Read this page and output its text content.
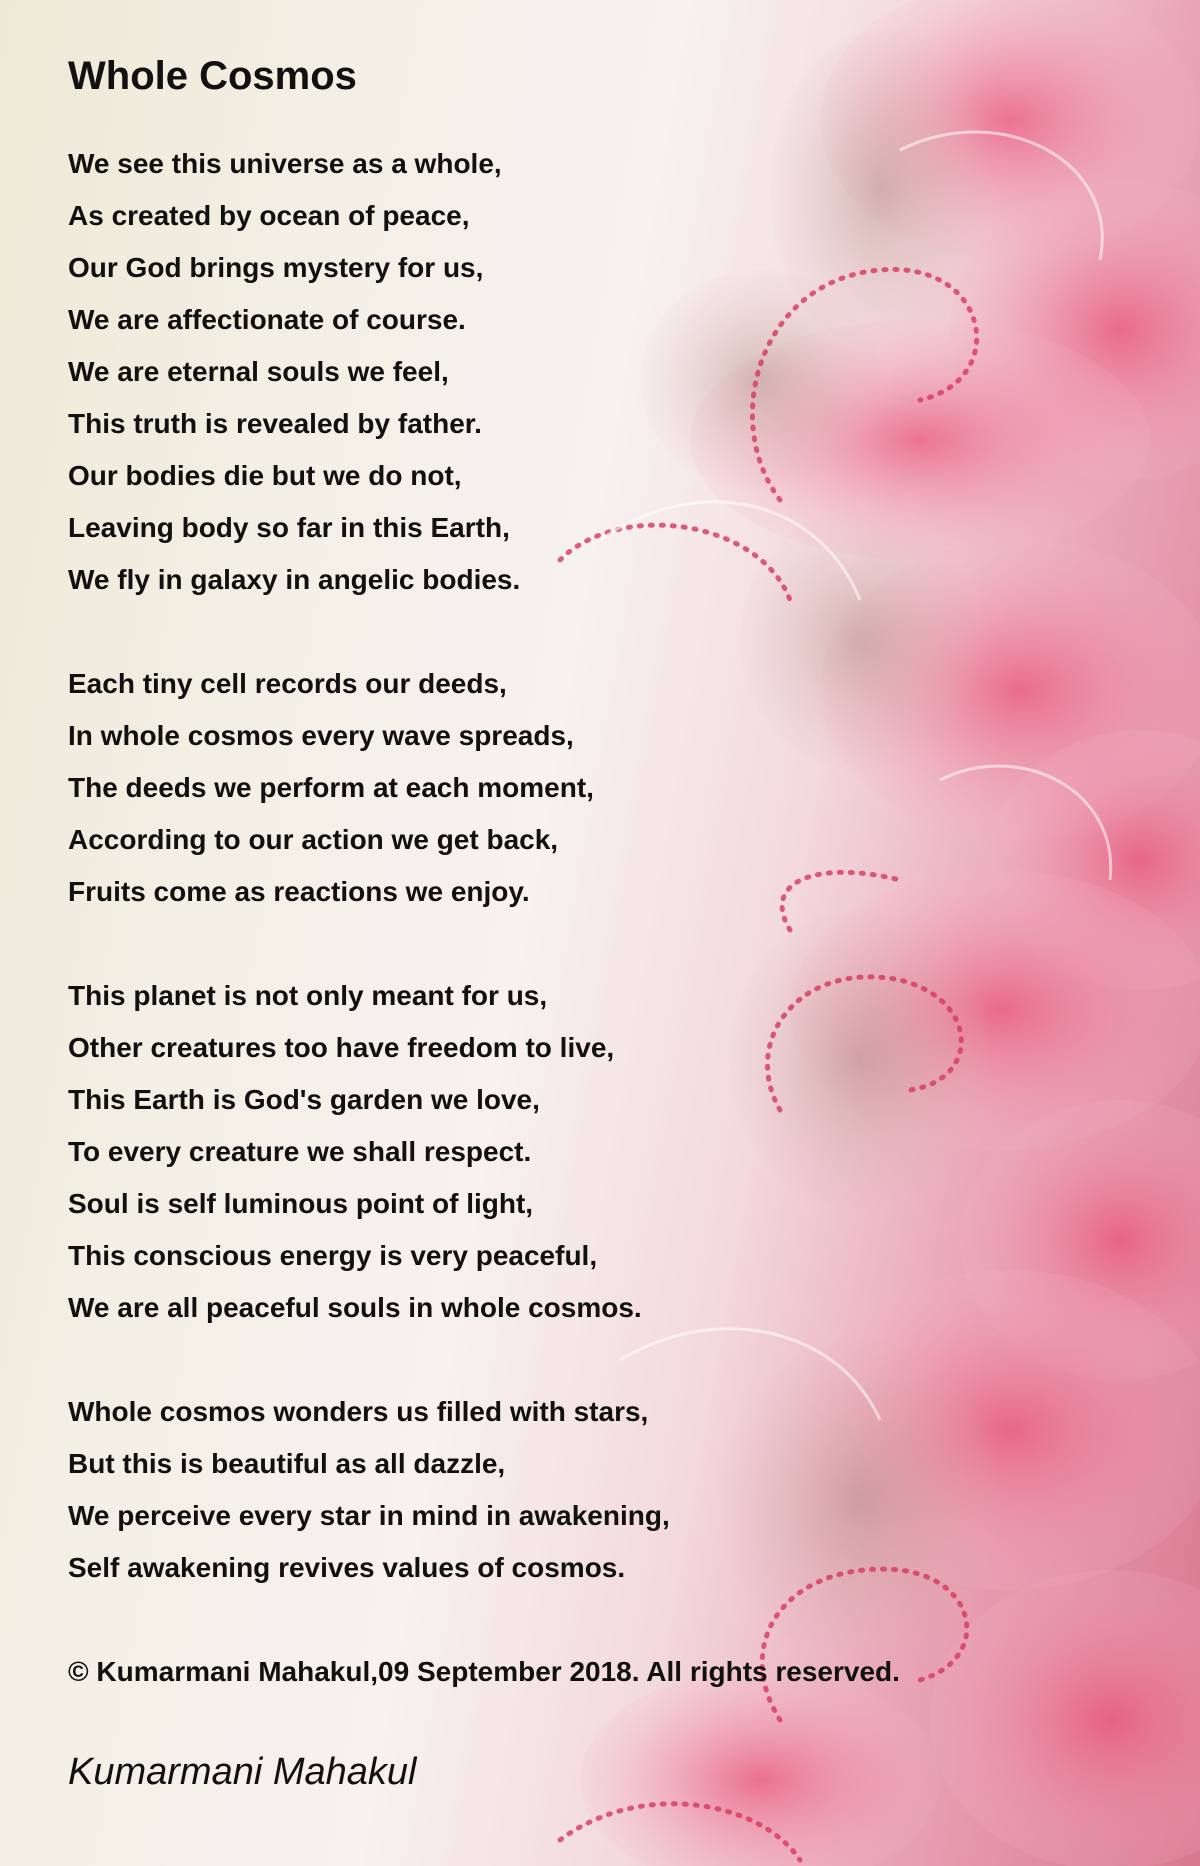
Whole Cosmos
We see this universe as a whole,
As created by ocean of peace,
Our God brings mystery for us,
We are affectionate of course.
We are eternal souls we feel,
This truth is revealed by father.
Our bodies die but we do not,
Leaving body so far in this Earth,
We fly in galaxy in angelic bodies.
Each tiny cell records our deeds,
In whole cosmos every wave spreads,
The deeds we perform at each moment,
According to our action we get back,
Fruits come as reactions we enjoy.
This planet is not only meant for us,
Other creatures too have freedom to live,
This Earth is God's garden we love,
To every creature we shall respect.
Soul is self luminous point of light,
This conscious energy is very peaceful,
We are all peaceful souls in whole cosmos.
Whole cosmos wonders us filled with stars,
But this is beautiful as all dazzle,
We perceive every star in mind in awakening,
Self awakening revives values of cosmos.
© Kumarmani Mahakul,09 September 2018. All rights reserved.
Kumarmani Mahakul
